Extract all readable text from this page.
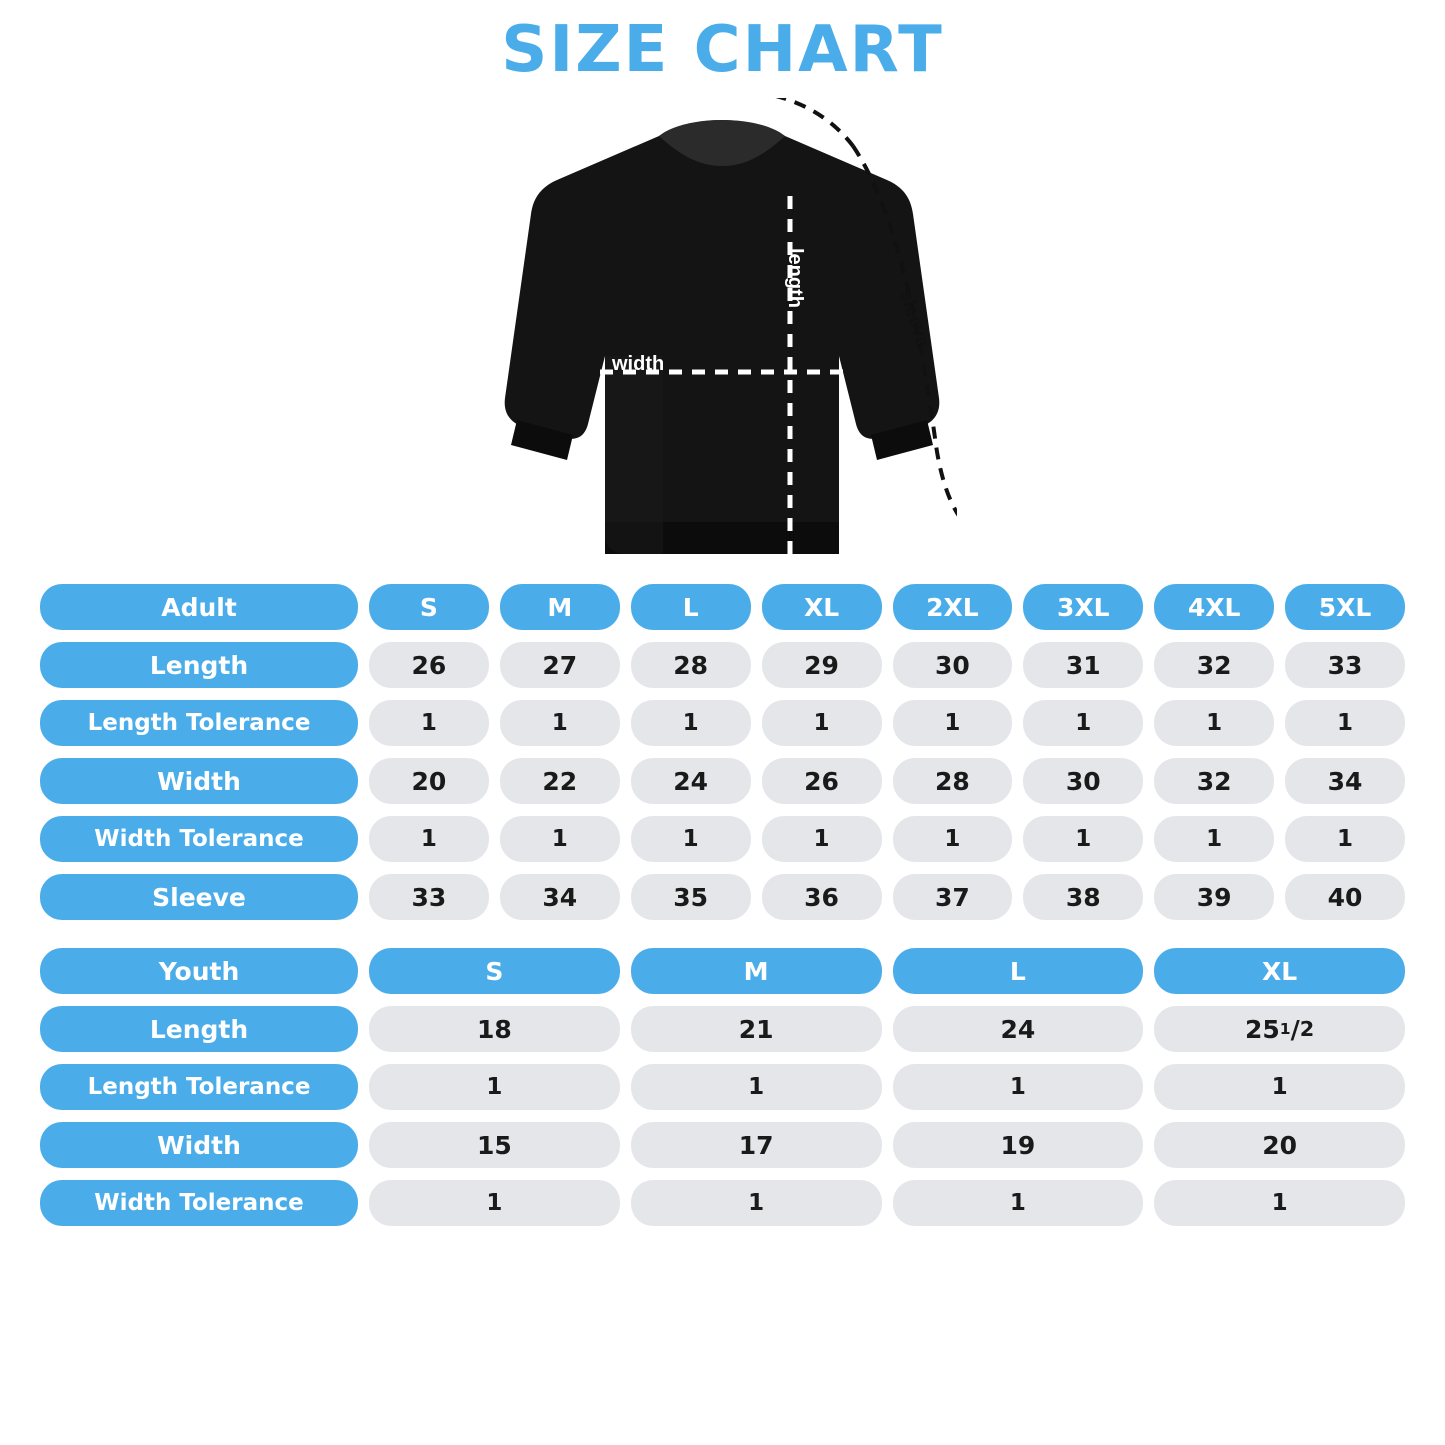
SIZE CHART
width
length
sleeve
Adult	S	M	L	XL	2XL	3XL	4XL	5XL
Length	26	27	28	29	30	31	32	33
Length Tolerance	1	1	1	1	1	1	1	1
Width	20	22	24	26	28	30	32	34
Width Tolerance	1	1	1	1	1	1	1	1
Sleeve	33	34	35	36	37	38	39	40
Youth	S	M	L	XL
Length	18	21	24	25 1 / 2
Length Tolerance	1	1	1	1
Width	15	17	19	20
Width Tolerance	1	1	1	1
